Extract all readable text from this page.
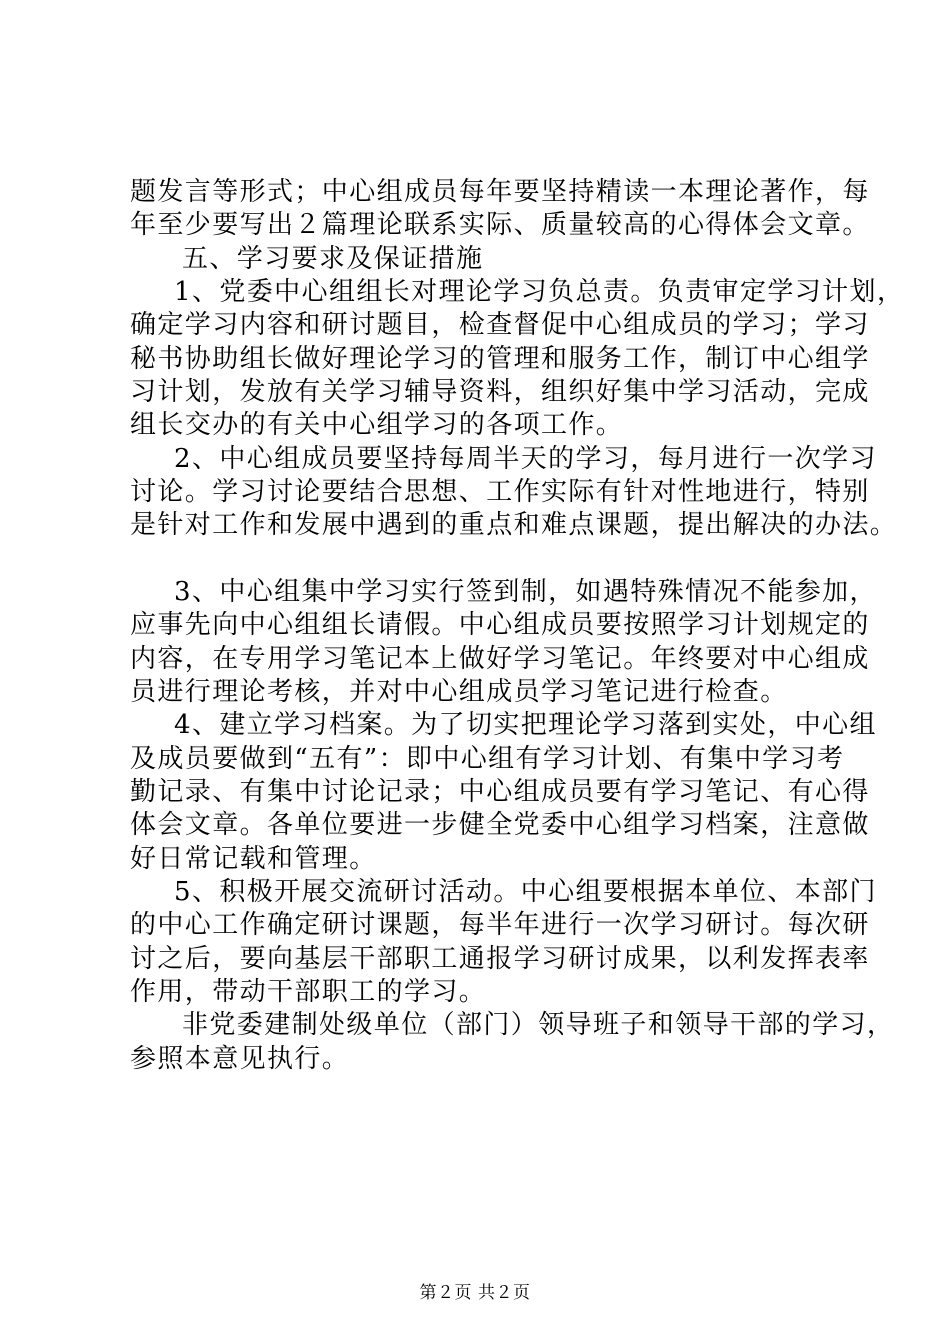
题发言等形式；中心组成员每年要坚持精读一本理论著作，每
年至少要写出２篇理论联系实际、质量较高的心得体会文章。
五、学习要求及保证措施
1、党委中心组组长对理论学习负总责。负责审定学习计划，
确定学习内容和研讨题目，检查督促中心组成员的学习；学习
秘书协助组长做好理论学习的管理和服务工作，制订中心组学
习计划，发放有关学习辅导资料，组织好集中学习活动，完成
组长交办的有关中心组学习的各项工作。
2、中心组成员要坚持每周半天的学习，每月进行一次学习
讨论。学习讨论要结合思想、工作实际有针对性地进行，特别
是针对工作和发展中遇到的重点和难点课题，提出解决的办法。
3、中心组集中学习实行签到制，如遇特殊情况不能参加，
应事先向中心组组长请假。中心组成员要按照学习计划规定的
内容，在专用学习笔记本上做好学习笔记。年终要对中心组成
员进行理论考核，并对中心组成员学习笔记进行检查。
4、建立学习档案。为了切实把理论学习落到实处，中心组
及成员要做到“五有”：即中心组有学习计划、有集中学习考
勤记录、有集中讨论记录；中心组成员要有学习笔记、有心得
体会文章。各单位要进一步健全党委中心组学习档案，注意做
好日常记载和管理。
5、积极开展交流研讨活动。中心组要根据本单位、本部门
的中心工作确定研讨课题，每半年进行一次学习研讨。每次研
讨之后，要向基层干部职工通报学习研讨成果，以利发挥表率
作用，带动干部职工的学习。
非党委建制处级单位（部门）领导班子和领导干部的学习，
参照本意见执行。
第２页 共２页
